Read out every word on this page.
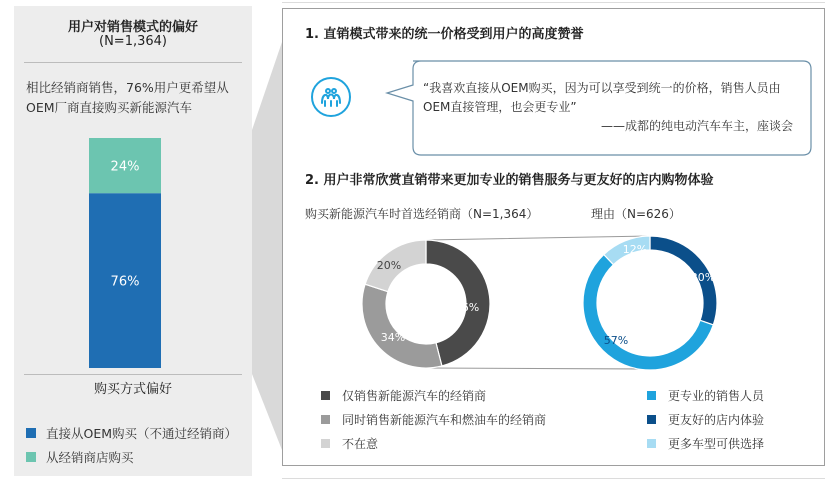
用户对销售模式的偏好
(N=1,364)
相比经销商销售，76%用户更希望从OEM厂商直接购买新能源汽车
76%
24%
购买方式偏好
直接从OEM购买（不通过经销商）
从经销商店购买
1. 直销模式带来的统一价格受到用户的高度赞誉
“我喜欢直接从OEM购买，因为可以享受到统一的价格，销售人员由OEM直接管理，也会更专业”
——成都的纯电动汽车车主，座谈会
2. 用户非常欣赏直销带来更加专业的销售服务与更友好的店内购物体验
购买新能源汽车时首选经销商（N=1,364）	理由（N=626）
46%
34%
20%
30%
57%
12%
仅销售新能源汽车的经销商
同时销售新能源汽车和燃油车的经销商
不在意
更专业的销售人员
更友好的店内体验
更多车型可供选择
